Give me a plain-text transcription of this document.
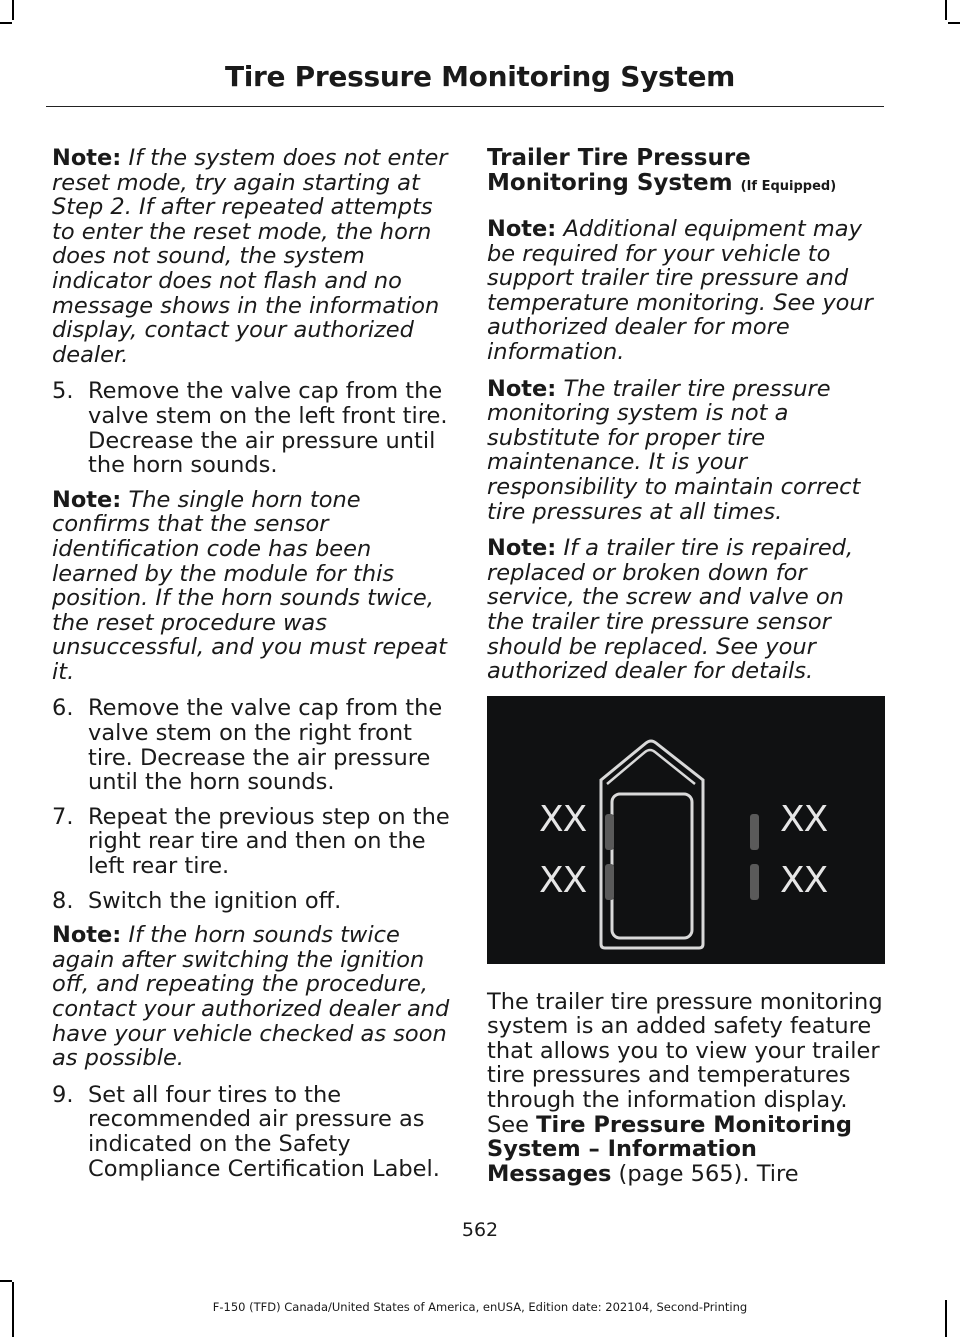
Tire Pressure Monitoring System

Note: If the system does not enter reset mode, try again starting at Step 2. If after repeated attempts to enter the reset mode, the horn does not sound, the system indicator does not flash and no message shows in the information display, contact your authorized dealer.

5. Remove the valve cap from the valve stem on the left front tire. Decrease the air pressure until the horn sounds.

Note: The single horn tone confirms that the sensor identification code has been learned by the module for this position. If the horn sounds twice, the reset procedure was unsuccessful, and you must repeat it.

6. Remove the valve cap from the valve stem on the right front tire. Decrease the air pressure until the horn sounds.
7. Repeat the previous step on the right rear tire and then on the left rear tire.
8. Switch the ignition off.

Note: If the horn sounds twice again after switching the ignition off, and repeating the procedure, contact your authorized dealer and have your vehicle checked as soon as possible.

9. Set all four tires to the recommended air pressure as indicated on the Safety Compliance Certification Label.
Trailer Tire Pressure Monitoring System (If Equipped)

Note: Additional equipment may be required for your vehicle to support trailer tire pressure and temperature monitoring. See your authorized dealer for more information.

Note: The trailer tire pressure monitoring system is not a substitute for proper tire maintenance. It is your responsibility to maintain correct tire pressures at all times.

Note: If a trailer tire is repaired, replaced or broken down for service, the screw and valve on the trailer tire pressure sensor should be replaced. See your authorized dealer for details.

XX
XX
XX
XX

The trailer tire pressure monitoring system is an added safety feature that allows you to view your trailer tire pressures and temperatures through the information display. See Tire Pressure Monitoring System – Information Messages (page 565). Tire

562
F-150 (TFD) Canada/United States of America, enUSA, Edition date: 202104, Second-Printing
